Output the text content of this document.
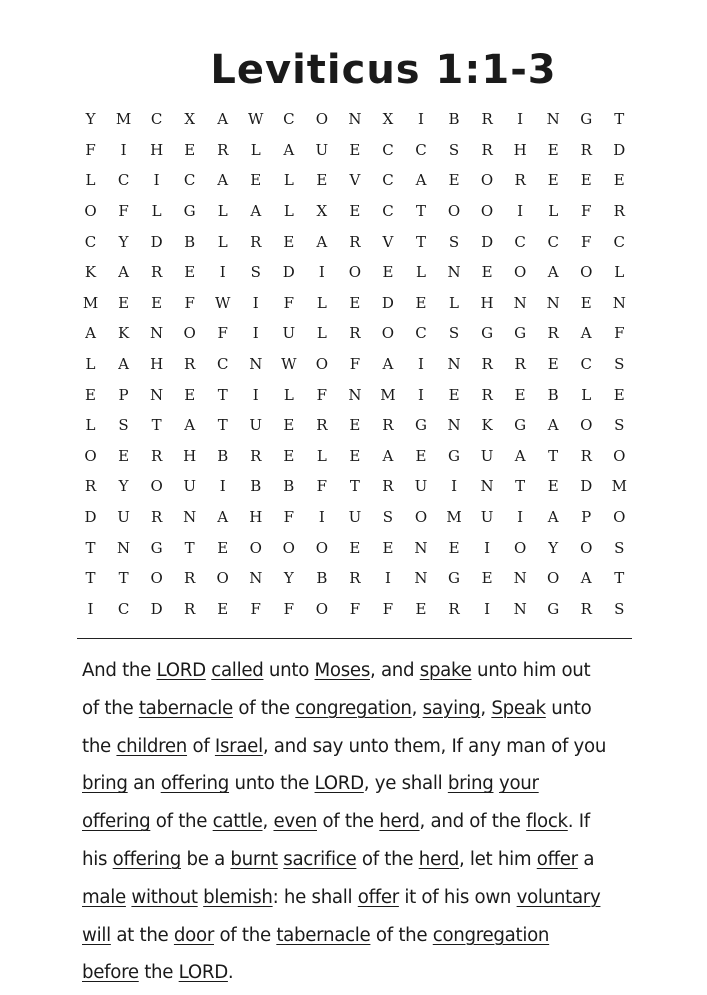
Leviticus 1:1-3
Y	M	C	X	A	W	C	O	N	X	I	B	R	I	N	G	T
F	I	H	E	R	L	A	U	E	C	C	S	R	H	E	R	D
L	C	I	C	A	E	L	E	V	C	A	E	O	R	E	E	E
O	F	L	G	L	A	L	X	E	C	T	O	O	I	L	F	R
C	Y	D	B	L	R	E	A	R	V	T	S	D	C	C	F	C
K	A	R	E	I	S	D	I	O	E	L	N	E	O	A	O	L
M	E	E	F	W	I	F	L	E	D	E	L	H	N	N	E	N
A	K	N	O	F	I	U	L	R	O	C	S	G	G	R	A	F
L	A	H	R	C	N	W	O	F	A	I	N	R	R	E	C	S
E	P	N	E	T	I	L	F	N	M	I	E	R	E	B	L	E
L	S	T	A	T	U	E	R	E	R	G	N	K	G	A	O	S
O	E	R	H	B	R	E	L	E	A	E	G	U	A	T	R	O
R	Y	O	U	I	B	B	F	T	R	U	I	N	T	E	D	M
D	U	R	N	A	H	F	I	U	S	O	M	U	I	A	P	O
T	N	G	T	E	O	O	O	E	E	N	E	I	O	Y	O	S
T	T	O	R	O	N	Y	B	R	I	N	G	E	N	O	A	T
I	C	D	R	E	F	F	O	F	F	E	R	I	N	G	R	S
And the LORD called unto Moses, and spake unto him out
of the tabernacle of the congregation, saying, Speak unto
the children of Israel, and say unto them, If any man of you
bring an offering unto the LORD, ye shall bring your
offering of the cattle, even of the herd, and of the flock. If
his offering be a burnt sacrifice of the herd, let him offer a
male without blemish: he shall offer it of his own voluntary
will at the door of the tabernacle of the congregation
before the LORD.
